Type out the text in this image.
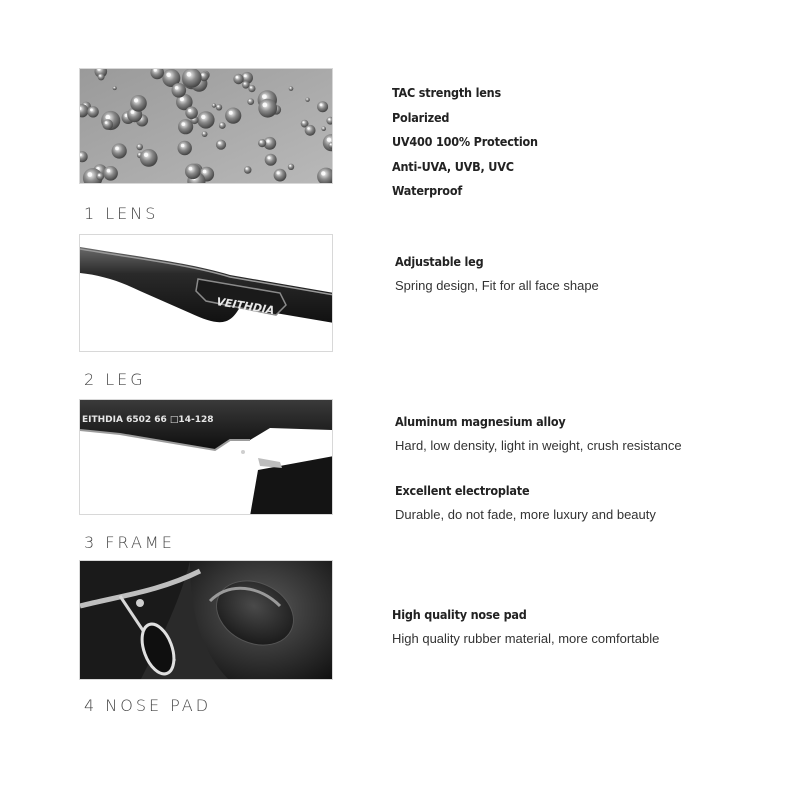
1 LENS
TAC strength lens
Polarized
UV400 100% Protection
Anti-UVA, UVB, UVC
Waterproof
VEITHDIA
2 LEG
Adjustable leg
Spring design, Fit for all face shape
EITHDIA 6502 66 □14-128
3 FRAME
Aluminum magnesium alloy
Hard, low density, light in weight, crush resistance
Excellent electroplate
Durable, do not fade, more luxury and beauty
4 NOSE PAD
High quality nose pad
High quality rubber material, more comfortable
